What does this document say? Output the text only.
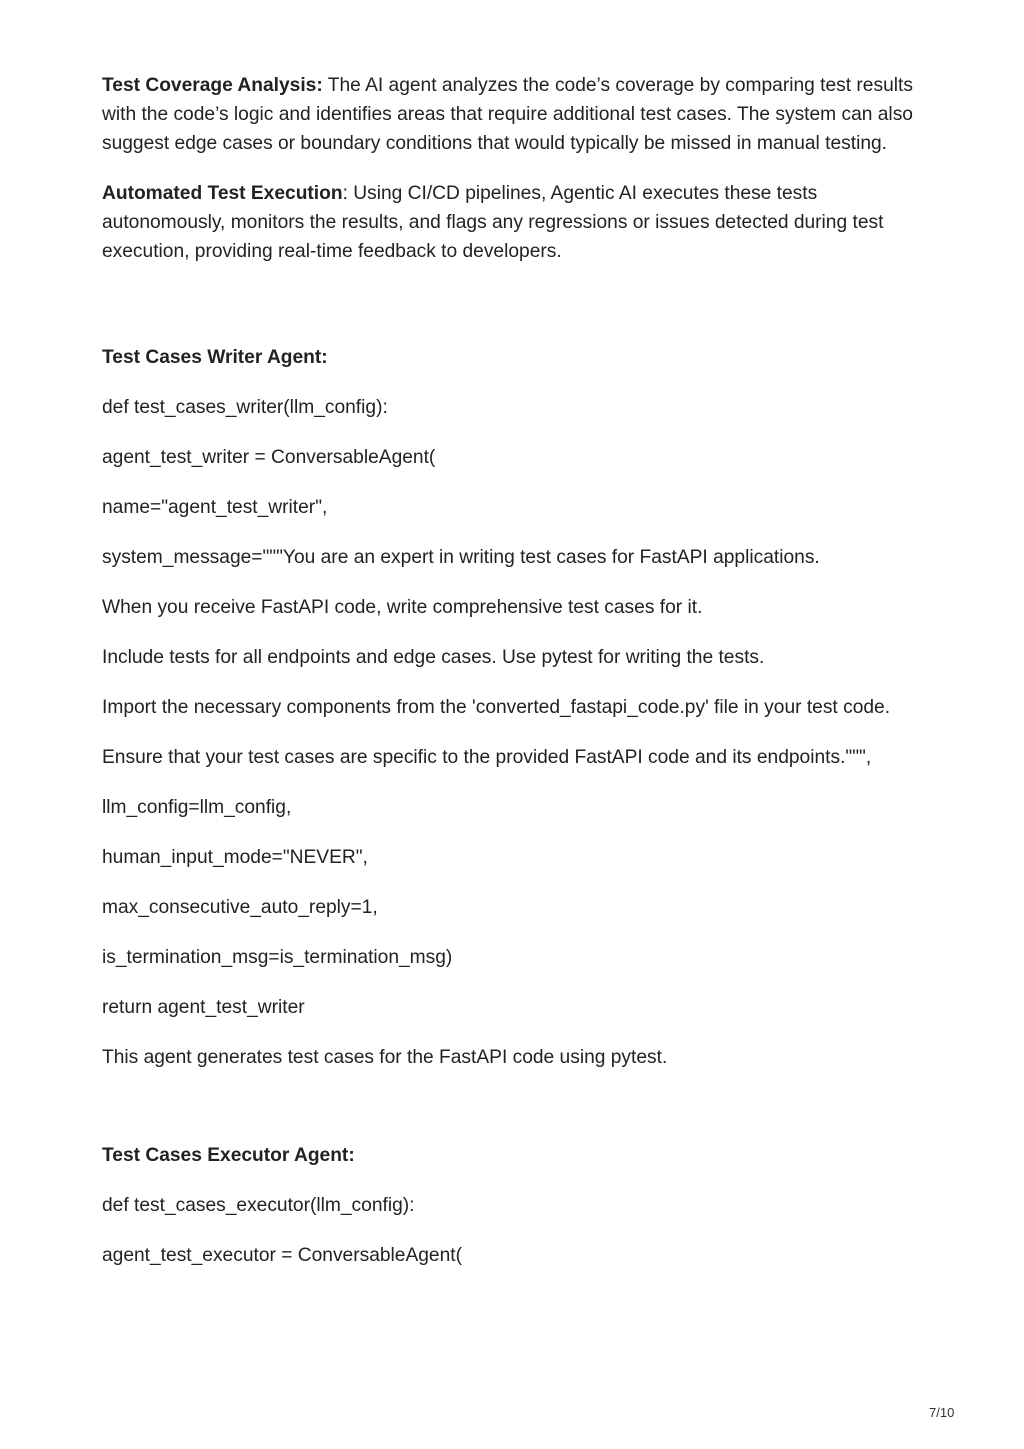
Test Coverage Analysis: The AI agent analyzes the code’s coverage by comparing test results with the code’s logic and identifies areas that require additional test cases. The system can also suggest edge cases or boundary conditions that would typically be missed in manual testing.

Automated Test Execution: Using CI/CD pipelines, Agentic AI executes these tests autonomously, monitors the results, and flags any regressions or issues detected during test execution, providing real-time feedback to developers.

Test Cases Writer Agent:

def test_cases_writer(llm_config):

agent_test_writer = ConversableAgent(

name="agent_test_writer",

system_message="""You are an expert in writing test cases for FastAPI applications.

When you receive FastAPI code, write comprehensive test cases for it.

Include tests for all endpoints and edge cases. Use pytest for writing the tests.

Import the necessary components from the 'converted_fastapi_code.py' file in your test code.

Ensure that your test cases are specific to the provided FastAPI code and its endpoints.""",

llm_config=llm_config,

human_input_mode="NEVER",

max_consecutive_auto_reply=1,

is_termination_msg=is_termination_msg)

return agent_test_writer

This agent generates test cases for the FastAPI code using pytest.

Test Cases Executor Agent:

def test_cases_executor(llm_config):

agent_test_executor = ConversableAgent(

7/10
